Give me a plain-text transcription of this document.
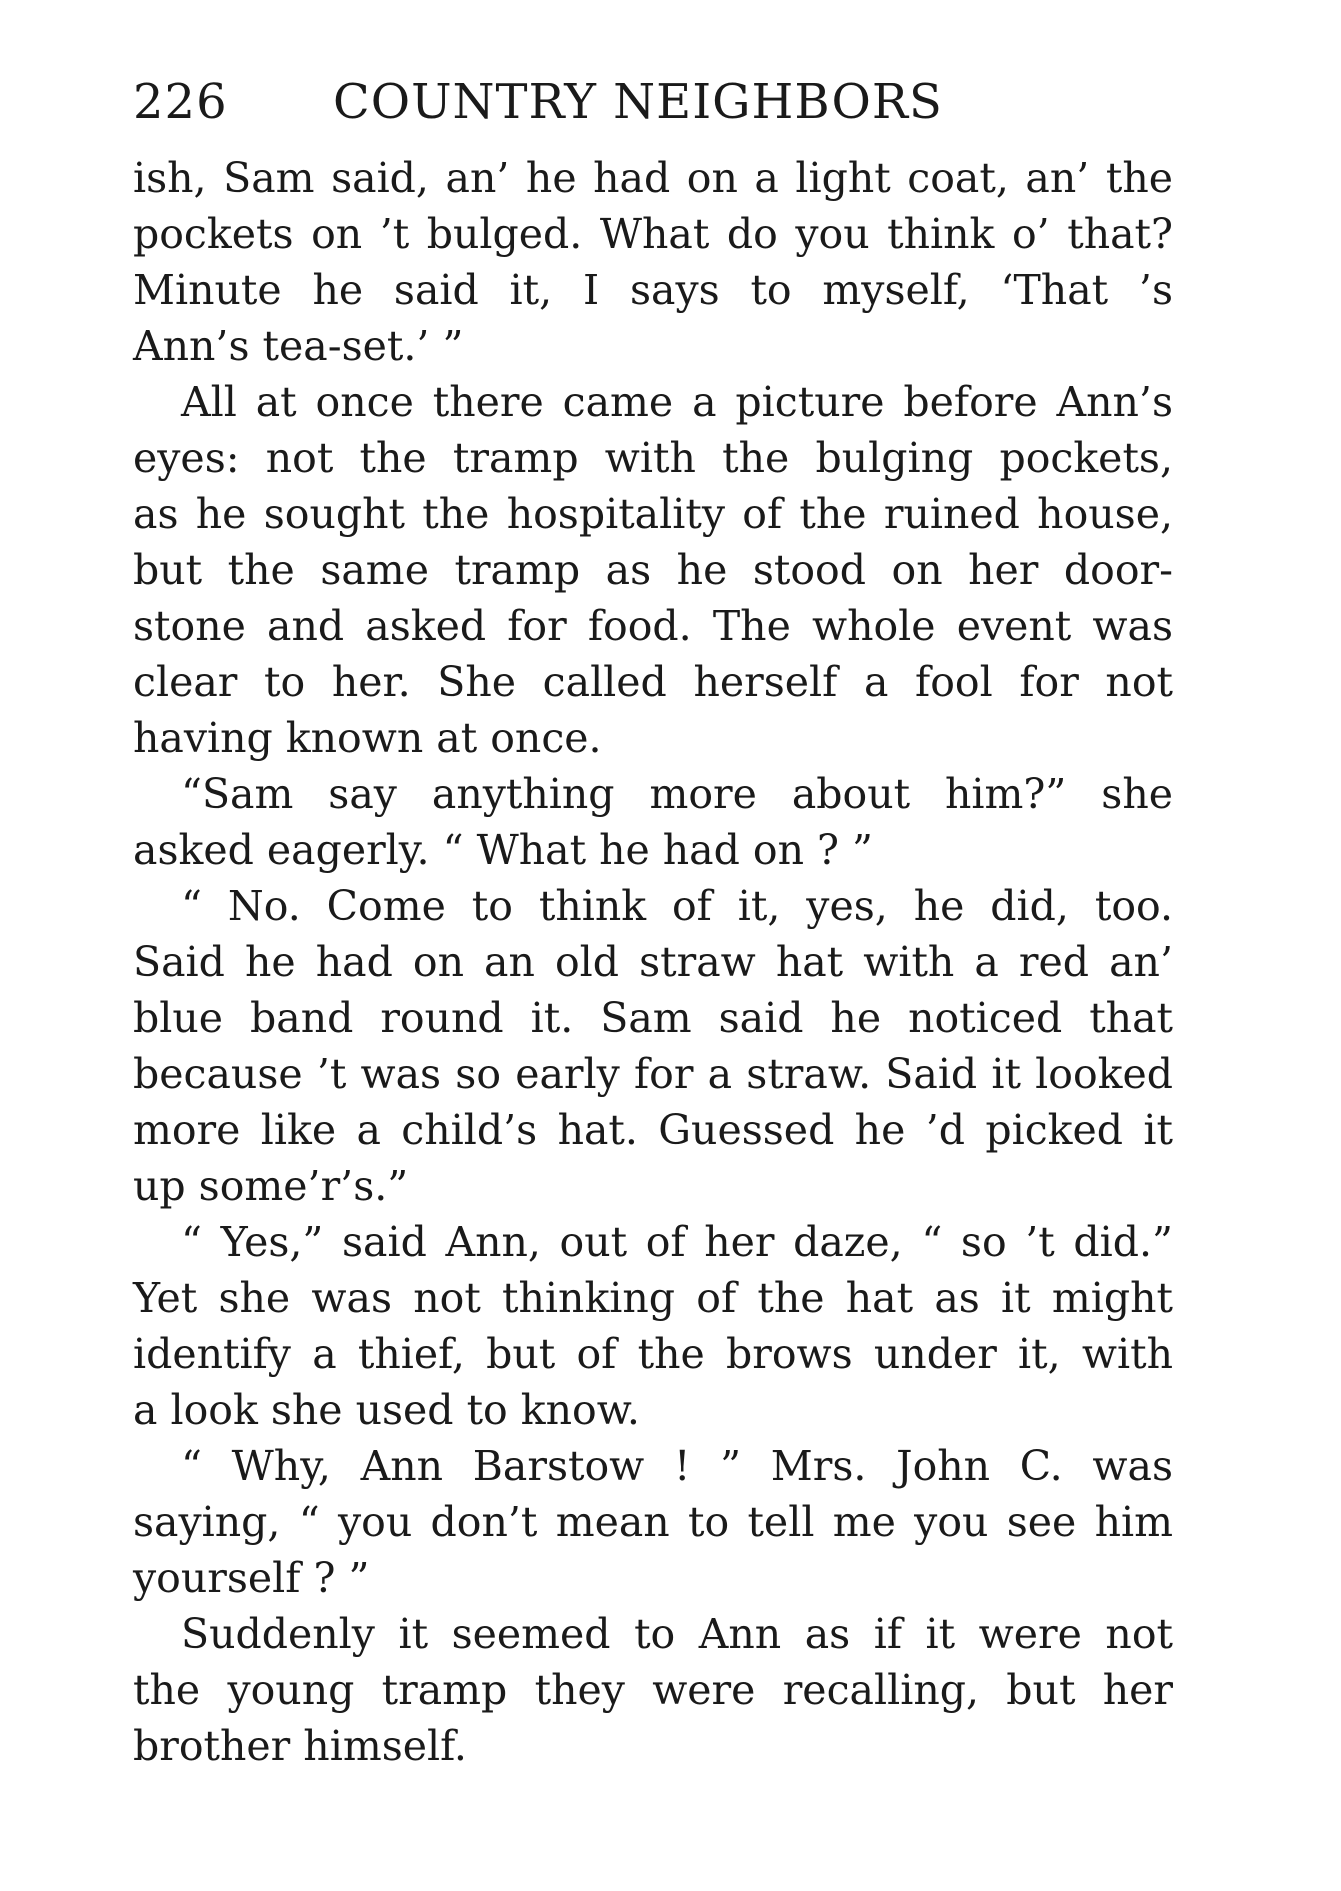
226 COUNTRY NEIGHBORS
ish, Sam said, an’ he had on a light coat, an’ the
pockets on ’t bulged. What do you think o’ that?
Minute he said it, I says to myself, ‘That ’s
Ann’s tea-set.’ ”
All at once there came a picture before Ann’s
eyes: not the tramp with the bulging pockets,
as he sought the hospitality of the ruined house,
but the same tramp as he stood on her door-
stone and asked for food. The whole event was
clear to her. She called herself a fool for not
having known at once.
“Sam say anything more about him?” she
asked eagerly. “ What he had on ? ”
“ No. Come to think of it, yes, he did, too.
Said he had on an old straw hat with a red an’
blue band round it. Sam said he noticed that
because ’t was so early for a straw. Said it looked
more like a child’s hat. Guessed he ’d picked it
up some’r’s.”
“ Yes,” said Ann, out of her daze, “ so ’t did.”
Yet she was not thinking of the hat as it might
identify a thief, but of the brows under it, with
a look she used to know.
“ Why, Ann Barstow ! ” Mrs. John C. was
saying, “ you don’t mean to tell me you see him
yourself ? ”
Suddenly it seemed to Ann as if it were not
the young tramp they were recalling, but her
brother himself.
